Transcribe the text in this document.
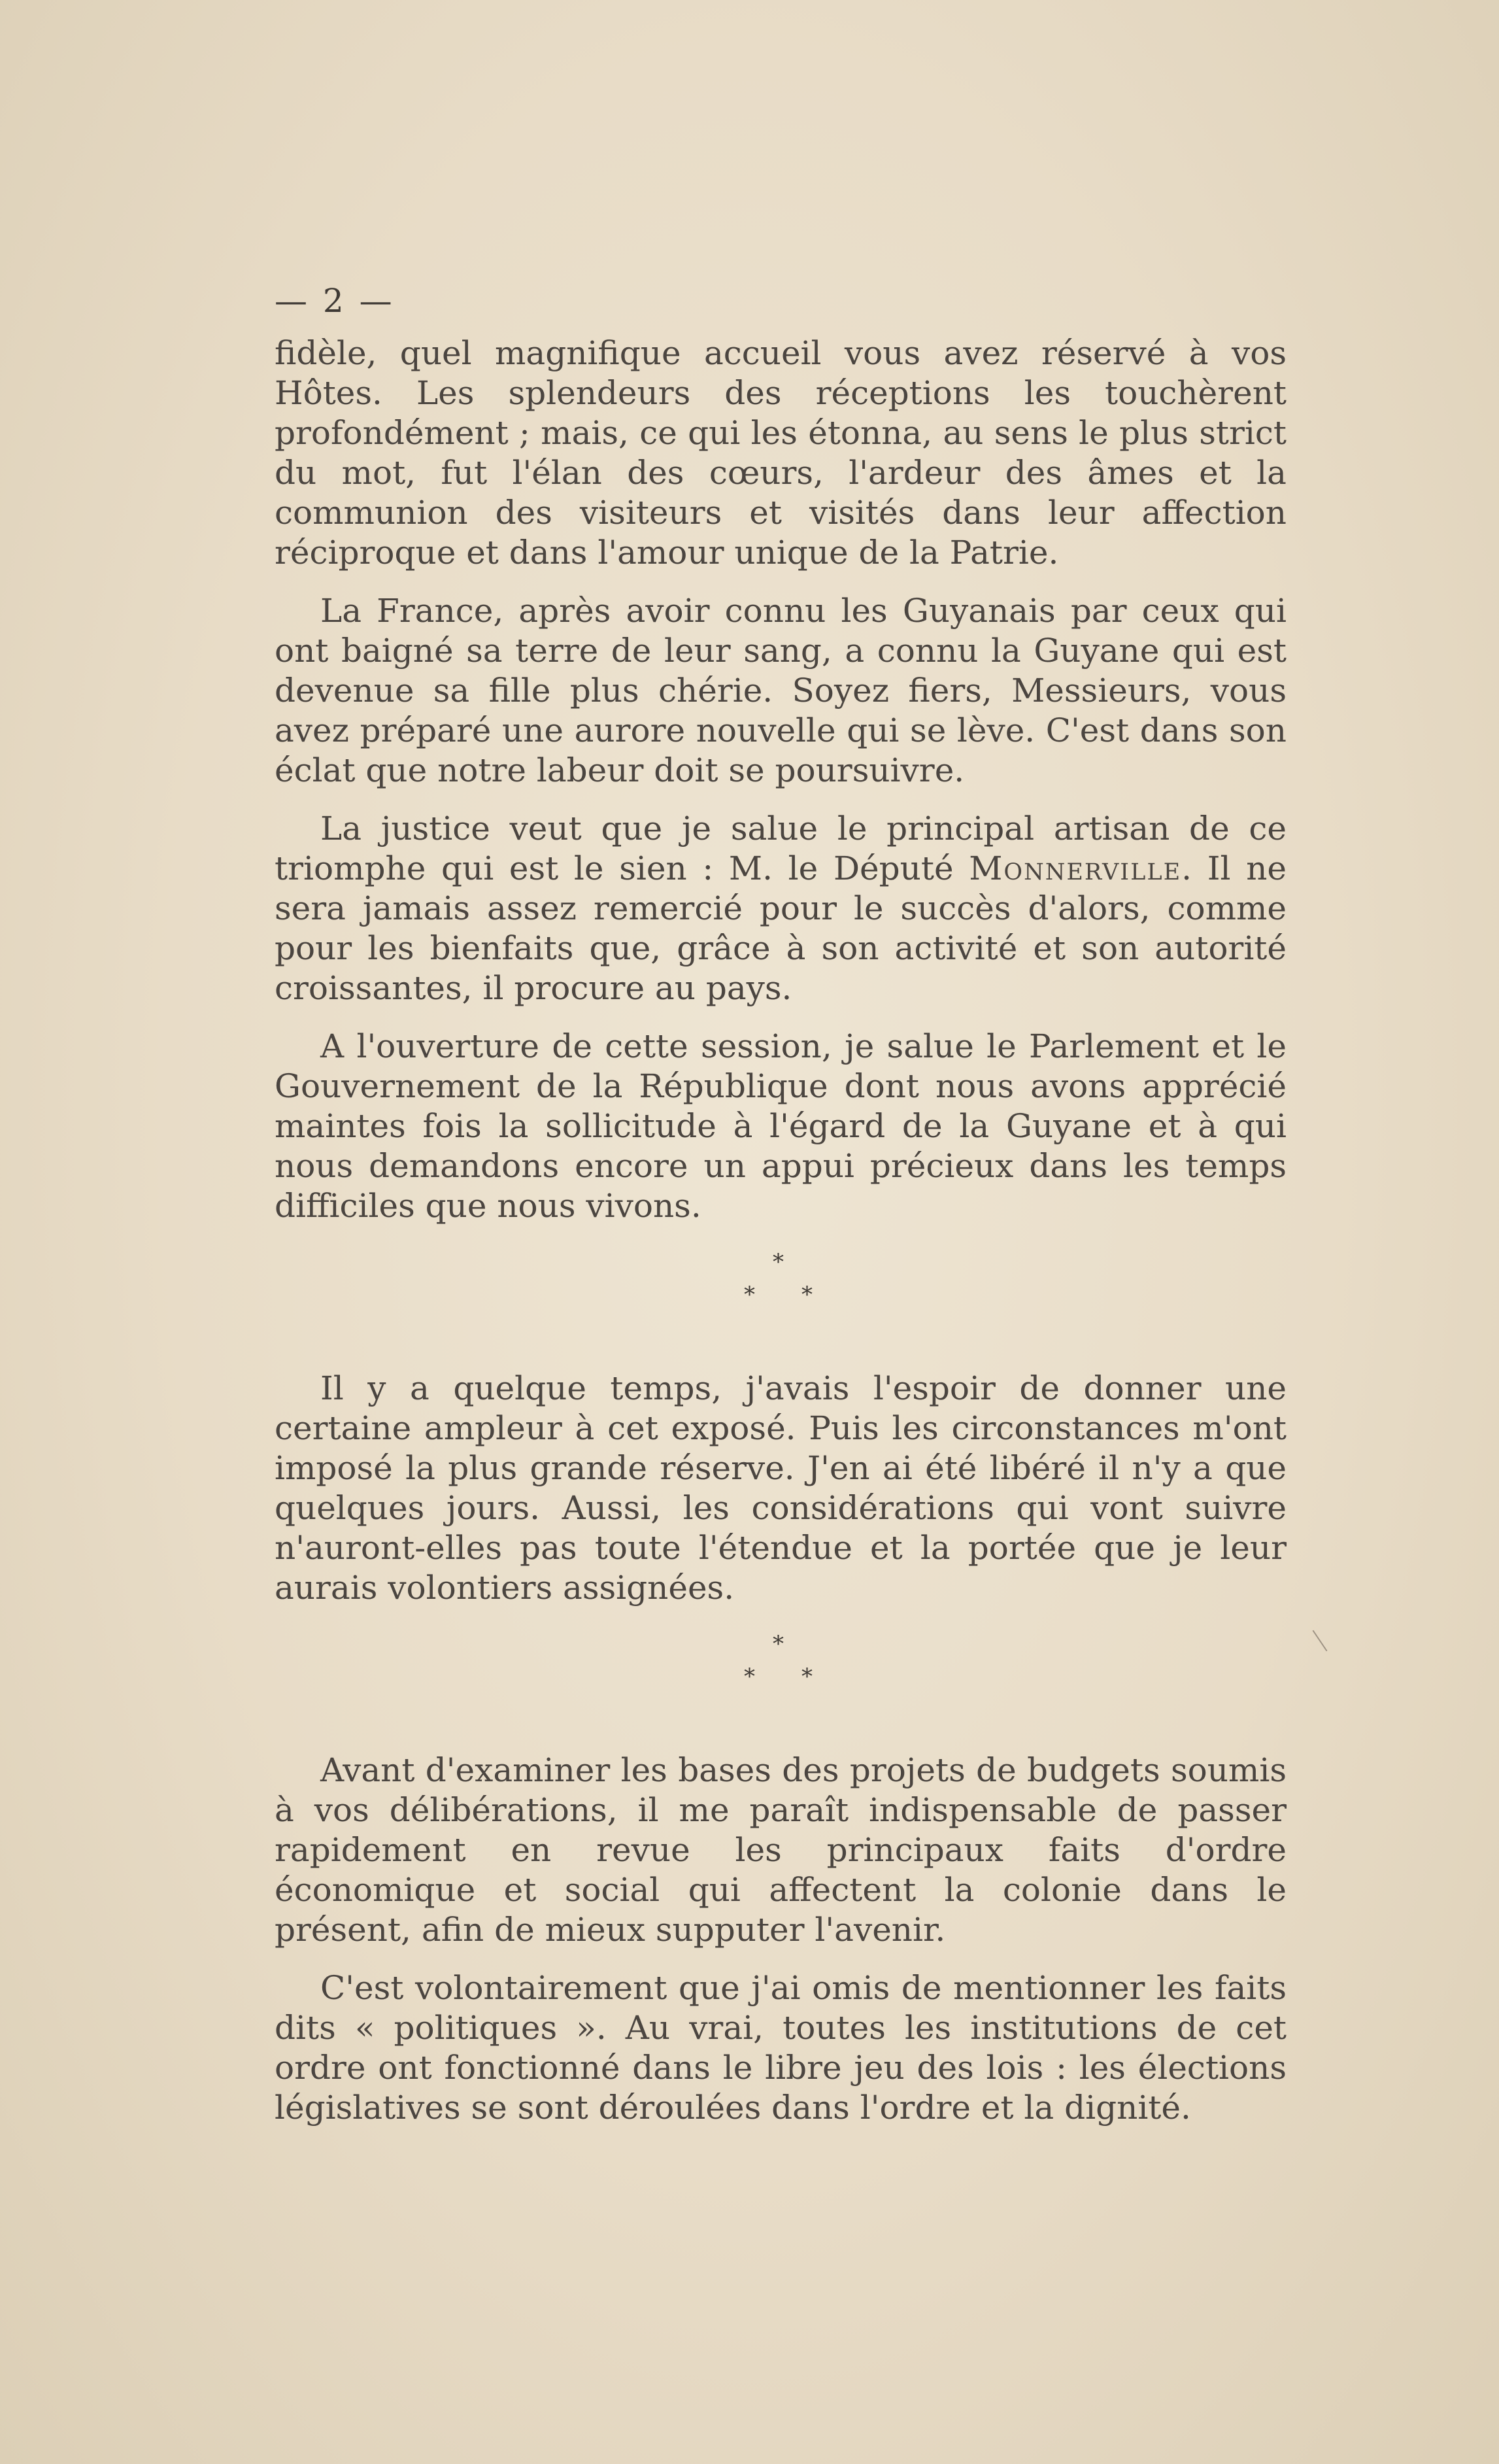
— 2 —

fidèle, quel magnifique accueil vous avez réservé à vos Hôtes. Les splendeurs des réceptions les touchèrent profondément ; mais, ce qui les étonna, au sens le plus strict du mot, fut l'élan des cœurs, l'ardeur des âmes et la communion des visiteurs et visités dans leur affection réciproque et dans l'amour unique de la Patrie.

La France, après avoir connu les Guyanais par ceux qui ont baigné sa terre de leur sang, a connu la Guyane qui est devenue sa fille plus chérie. Soyez fiers, Messieurs, vous avez préparé une aurore nouvelle qui se lève. C'est dans son éclat que notre labeur doit se poursuivre.

La justice veut que je salue le principal artisan de ce triomphe qui est le sien : M. le Député Monnerville. Il ne sera jamais assez remercié pour le succès d'alors, comme pour les bienfaits que, grâce à son activité et son autorité croissantes, il procure au pays.

A l'ouverture de cette session, je salue le Parlement et le Gouvernement de la République dont nous avons apprécié maintes fois la sollicitude à l'égard de la Guyane et à qui nous demandons encore un appui précieux dans les temps difficiles que nous vivons.

*
* *

Il y a quelque temps, j'avais l'espoir de donner une certaine ampleur à cet exposé. Puis les circonstances m'ont imposé la plus grande réserve. J'en ai été libéré il n'y a que quelques jours. Aussi, les considérations qui vont suivre n'auront-elles pas toute l'étendue et la portée que je leur aurais volontiers assignées.

*
* *

Avant d'examiner les bases des projets de budgets soumis à vos délibérations, il me paraît indispensable de passer rapidement en revue les principaux faits d'ordre économique et social qui affectent la colonie dans le présent, afin de mieux supputer l'avenir.

C'est volontairement que j'ai omis de mentionner les faits dits « politiques ». Au vrai, toutes les institutions de cet ordre ont fonctionné dans le libre jeu des lois : les élections législatives se sont déroulées dans l'ordre et la dignité.
